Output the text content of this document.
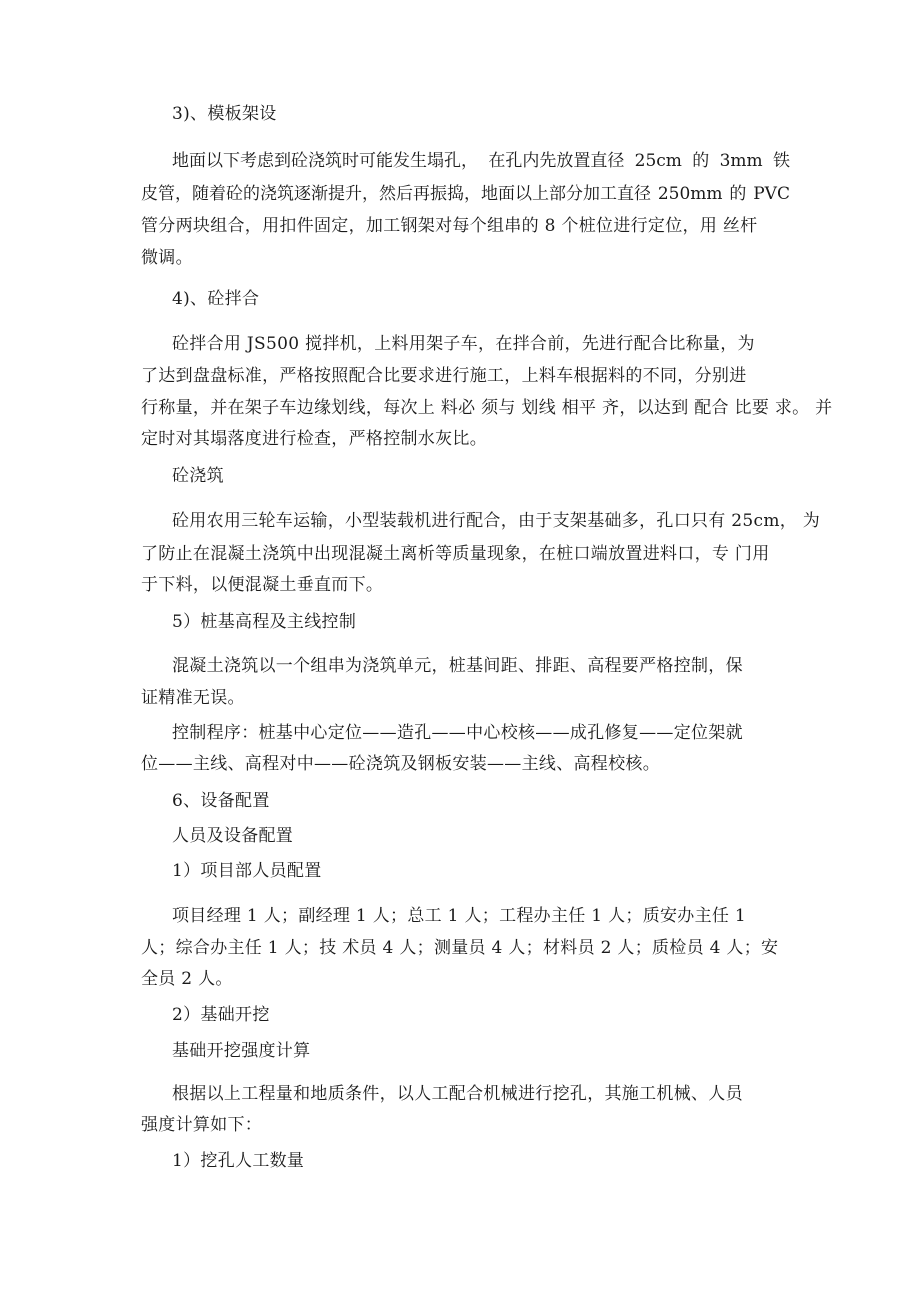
3)、模板架设
地面以下考虑到砼浇筑时可能发生塌孔， 在孔内先放置直径 25cm 的 3mm 铁
皮管，随着砼的浇筑逐渐提升，然后再振捣，地面以上部分加工直径 250mm 的 PVC
管分两块组合，用扣件固定，加工钢架对每个组串的 8 个桩位进行定位，用 丝杆
微调。
4)、砼拌合
砼拌合用 JS500 搅拌机，上料用架子车，在拌合前，先进行配合比称量，为
了达到盘盘标准，严格按照配合比要求进行施工，上料车根据料的不同，分别进
行称量，并在架子车边缘划线，每次上 料必 须与 划线 相平 齐，以达到 配合 比要 求。 并
定时对其塌落度进行检查，严格控制水灰比。
砼浇筑
砼用农用三轮车运输，小型装载机进行配合，由于支架基础多，孔口只有 25cm， 为
了防止在混凝土浇筑中出现混凝土离析等质量现象，在桩口端放置进料口，专 门用
于下料，以便混凝土垂直而下。
5）桩基高程及主线控制
混凝土浇筑以一个组串为浇筑单元，桩基间距、排距、高程要严格控制，保
证精准无误。
控制程序：桩基中心定位——造孔——中心校核——成孔修复——定位架就
位——主线、高程对中——砼浇筑及钢板安装——主线、高程校核。
6、设备配置
人员及设备配置
1）项目部人员配置
项目经理 1 人；副经理 1 人；总工 1 人；工程办主任 1 人；质安办主任 1
人；综合办主任 1 人；技 术员 4 人；测量员 4 人；材料员 2 人；质检员 4 人；安
全员 2 人。
2）基础开挖
基础开挖强度计算
根据以上工程量和地质条件，以人工配合机械进行挖孔，其施工机械、人员
强度计算如下：
1）挖孔人工数量
